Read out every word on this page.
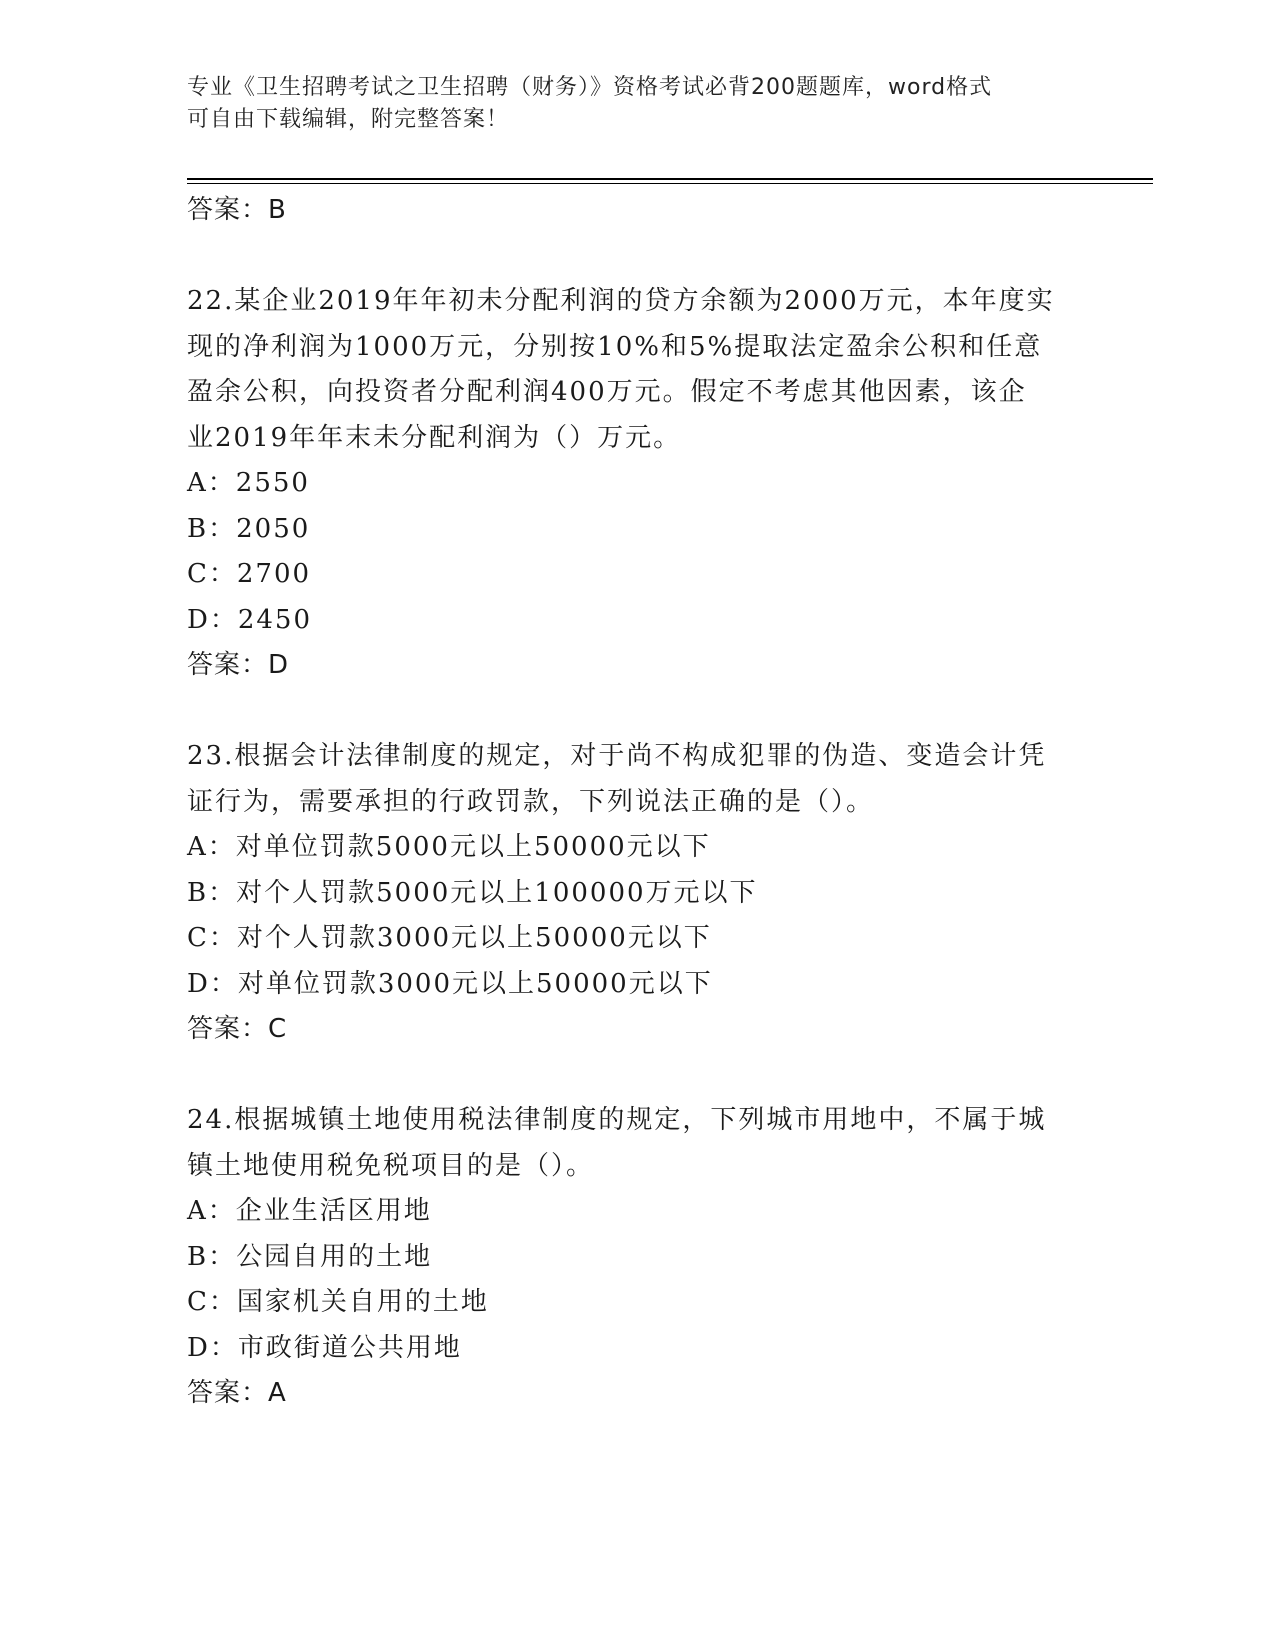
专业《卫生招聘考试之卫生招聘（财务）》资格考试必背200题题库，word格式
可自由下载编辑，附完整答案！
答案：B
22.某企业2019年年初未分配利润的贷方余额为2000万元，本年度实
现的净利润为1000万元，分别按10%和5%提取法定盈余公积和任意
盈余公积，向投资者分配利润400万元。假定不考虑其他因素，该企
业2019年年末未分配利润为（）万元。
A：2550
B：2050
C：2700
D：2450
答案：D
23.根据会计法律制度的规定，对于尚不构成犯罪的伪造、变造会计凭
证行为，需要承担的行政罚款，下列说法正确的是（）。
A：对单位罚款5000元以上50000元以下
B：对个人罚款5000元以上100000万元以下
C：对个人罚款3000元以上50000元以下
D：对单位罚款3000元以上50000元以下
答案：C
24.根据城镇土地使用税法律制度的规定，下列城市用地中，不属于城
镇土地使用税免税项目的是（）。
A：企业生活区用地
B：公园自用的土地
C：国家机关自用的土地
D：市政街道公共用地
答案：A
